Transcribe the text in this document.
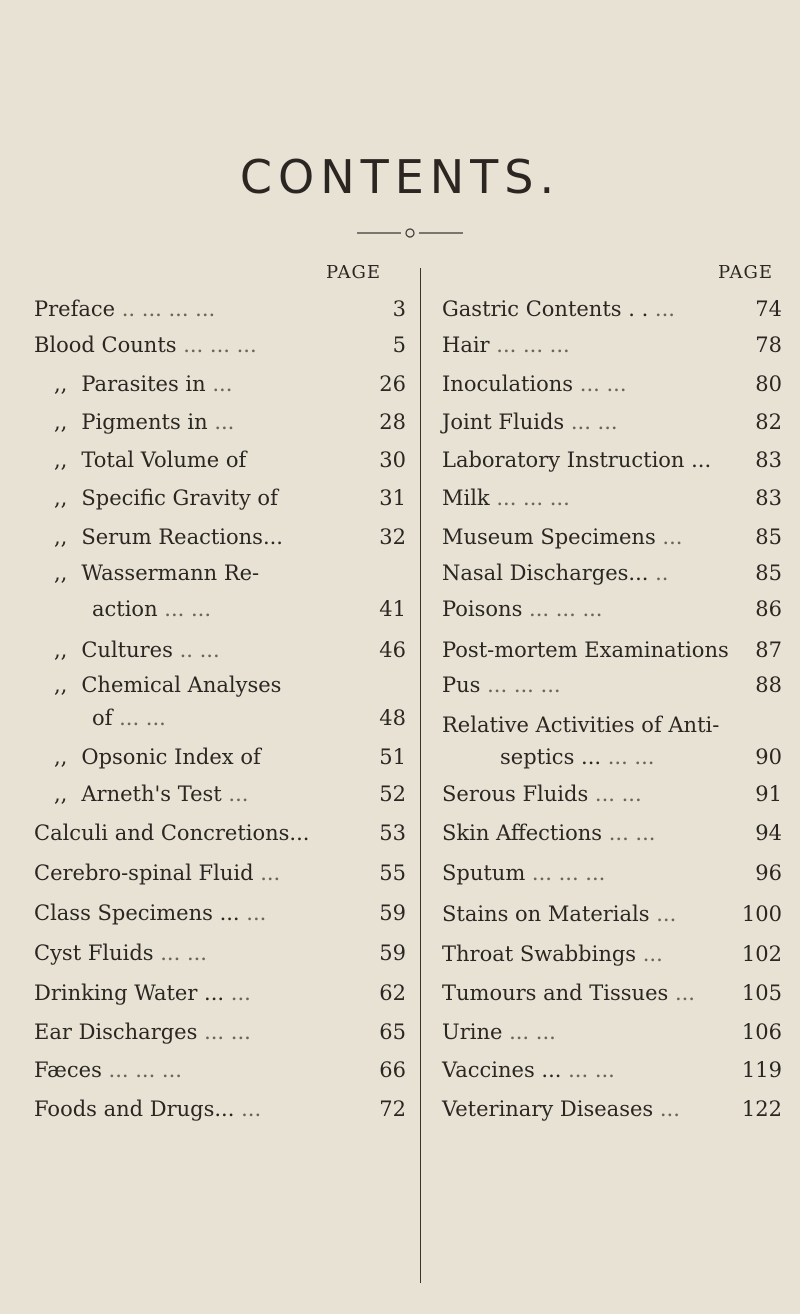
CONTENTS.
PAGE	PAGE
Preface .. ... ... ...	3
Blood Counts ... ... ...	5
,, Parasites in ...	26
,, Pigments in ...	28
,, Total Volume of	30
,, Specific Gravity of	31
,, Serum Reactions...	32
,, Wassermann Re-
action ... ...	41
,, Cultures .. ...	46
,, Chemical Analyses
of ... ...	48
,, Opsonic Index of	51
,, Arneth's Test ...	52
Calculi and Concretions...	53
Cerebro-spinal Fluid ...	55
Class Specimens ... ...	59
Cyst Fluids ... ...	59
Drinking Water ... ...	62
Ear Discharges ... ...	65
Fæces ... ... ...	66
Foods and Drugs... ...	72
Gastric Contents . . ...	74
Hair ... ... ...	78
Inoculations ... ...	80
Joint Fluids ... ...	82
Laboratory Instruction ... 83
Milk ... ... ...	83
Museum Specimens ...	85
Nasal Discharges... ..	85
Poisons ... ... ...	86
Post-mortem Examinations 87
Pus ... ... ...	88
Relative Activities of Anti-
septics ... ... ...	90
Serous Fluids ... ...	91
Skin Affections ... ...	94
Sputum ... ... ...	96
Stains on Materials ...	100
Throat Swabbings ...	102
Tumours and Tissues ... 105
Urine ... ...	106
Vaccines ... ... ...	119
Veterinary Diseases ...	122
